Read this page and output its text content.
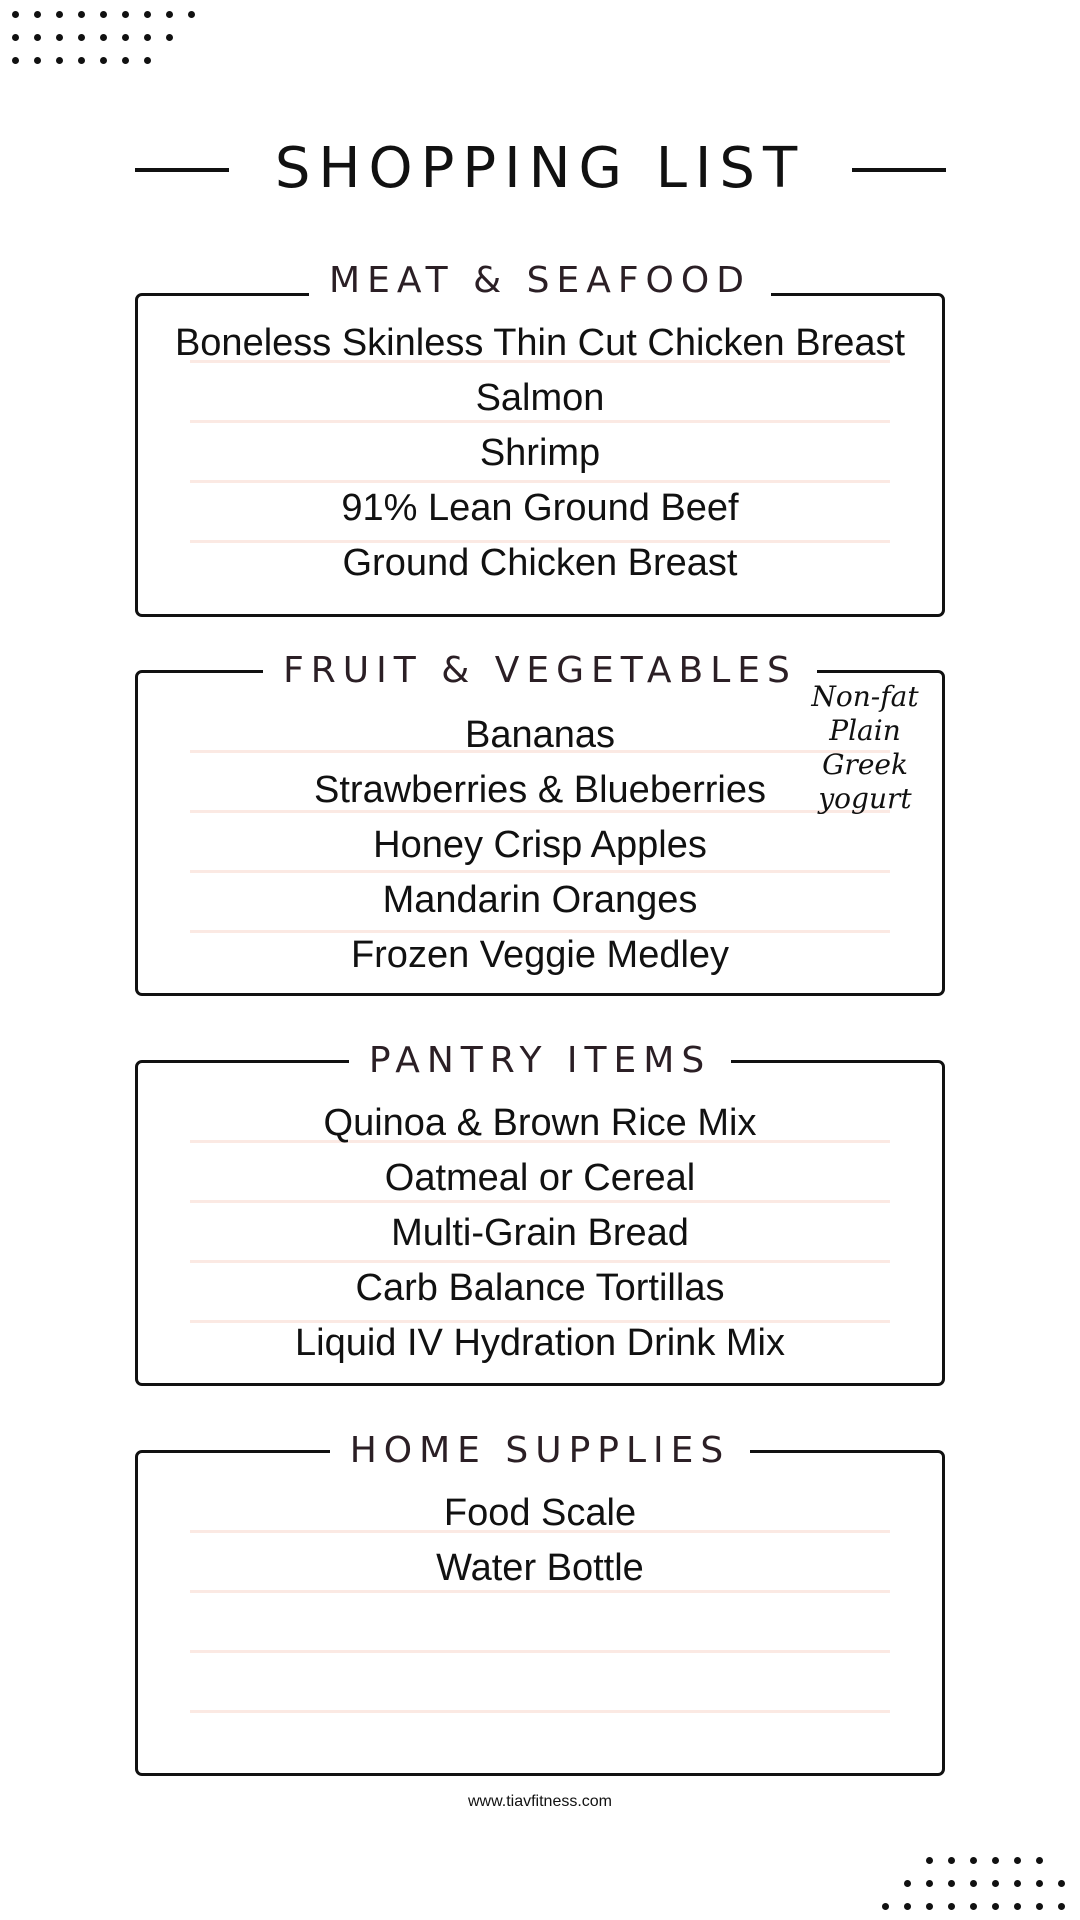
SHOPPING LIST
MEAT & SEAFOOD
Boneless Skinless Thin Cut Chicken Breast
Salmon
Shrimp
91% Lean Ground Beef
Ground Chicken Breast
FRUIT & VEGETABLES
Bananas
Strawberries & Blueberries
Honey Crisp Apples
Mandarin Oranges
Frozen Veggie Medley
Non-fat Plain Greek yogurt
PANTRY ITEMS
Quinoa & Brown Rice Mix
Oatmeal or Cereal
Multi-Grain Bread
Carb Balance Tortillas
Liquid IV Hydration Drink Mix
HOME SUPPLIES
Food Scale
Water Bottle
www.tiavfitness.com
